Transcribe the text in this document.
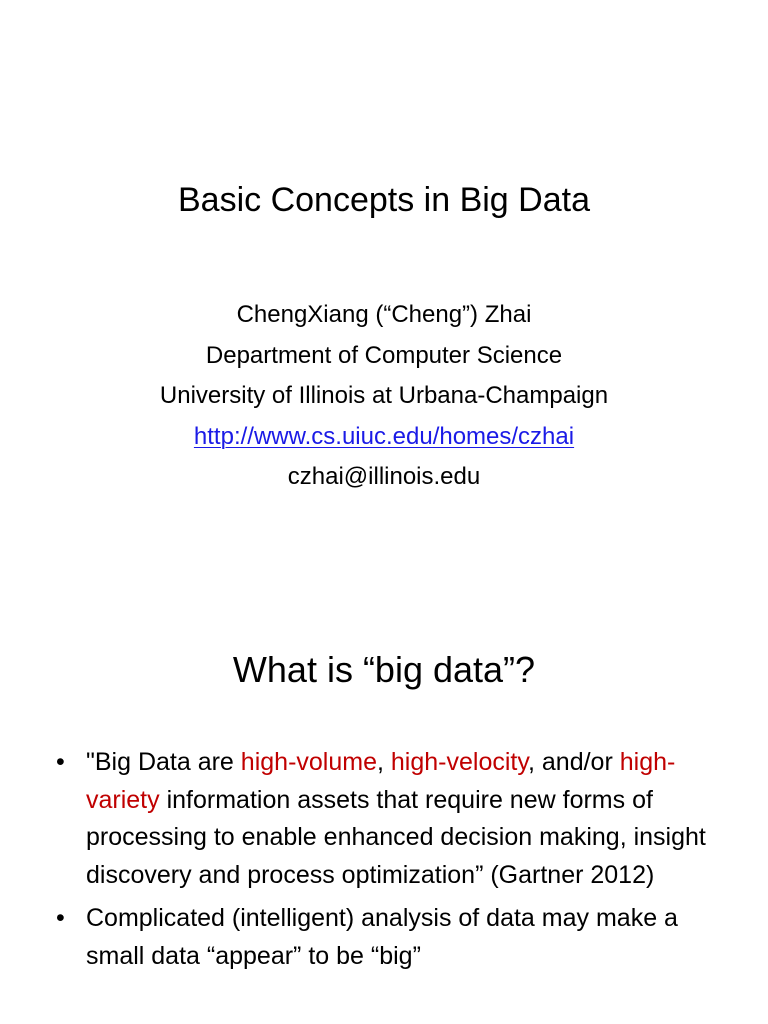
Basic Concepts in Big Data
ChengXiang (“Cheng”) Zhai
Department of Computer Science
University of Illinois at Urbana-Champaign
http://www.cs.uiuc.edu/homes/czhai
czhai@illinois.edu
What is “big data”?
• "Big Data are high-volume, high-velocity, and/or high-variety information assets that require new forms of processing to enable enhanced decision making, insight discovery and process optimization” (Gartner 2012)
• Complicated (intelligent) analysis of data may make a small data “appear” to be “big”
